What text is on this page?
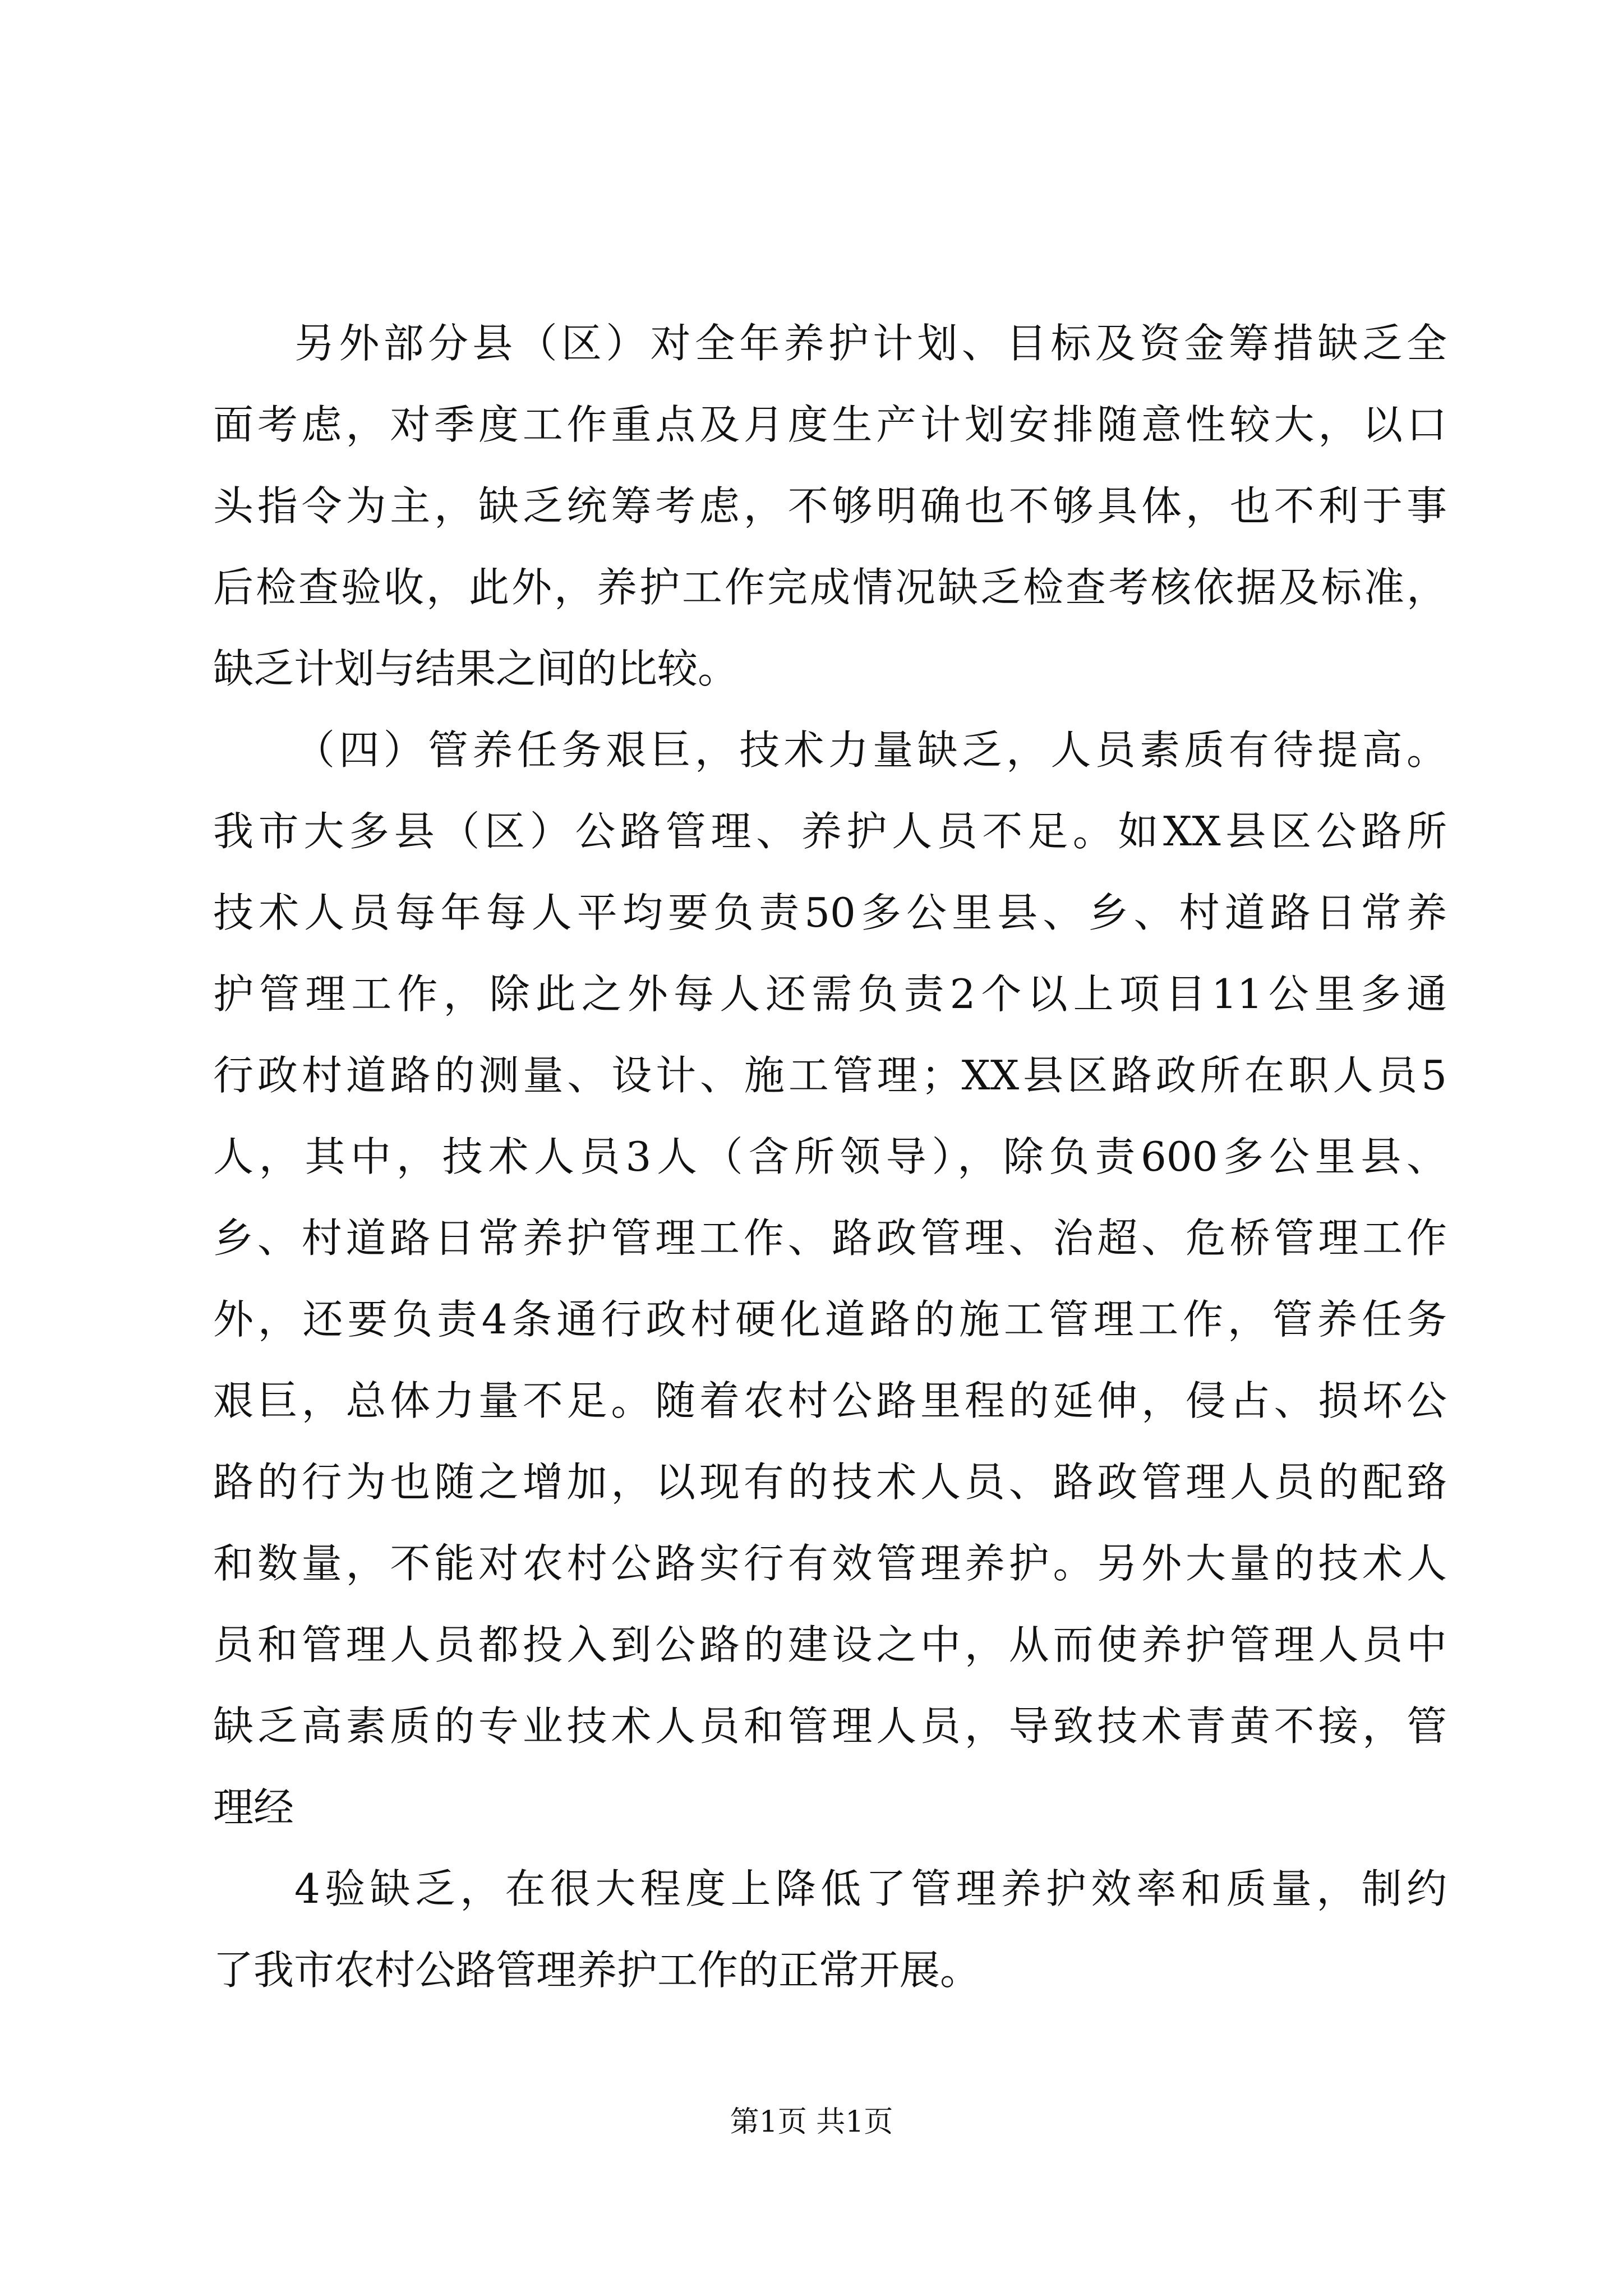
另外部分县（区）对全年养护计划、目标及资金筹措缺乏全
面考虑，对季度工作重点及月度生产计划安排随意性较大，以口
头指令为主，缺乏统筹考虑，不够明确也不够具体，也不利于事
后检查验收，此外，养护工作完成情况缺乏检查考核依据及标准，
缺乏计划与结果之间的比较。
（四）管养任务艰巨，技术力量缺乏，人员素质有待提高。
我市大多县（区）公路管理、养护人员不足。如XX县区公路所
技术人员每年每人平均要负责50多公里县、乡、村道路日常养
护管理工作，除此之外每人还需负责2个以上项目11公里多通
行政村道路的测量、设计、施工管理；XX县区路政所在职人员5
人，其中，技术人员3人（含所领导），除负责600多公里县、
乡、村道路日常养护管理工作、路政管理、治超、危桥管理工作
外，还要负责4条通行政村硬化道路的施工管理工作，管养任务
艰巨，总体力量不足。随着农村公路里程的延伸，侵占、损坏公
路的行为也随之增加，以现有的技术人员、路政管理人员的配臵
和数量，不能对农村公路实行有效管理养护。另外大量的技术人
员和管理人员都投入到公路的建设之中，从而使养护管理人员中
缺乏高素质的专业技术人员和管理人员，导致技术青黄不接，管
理经
4验缺乏，在很大程度上降低了管理养护效率和质量，制约
了我市农村公路管理养护工作的正常开展。
第1页 共1页
